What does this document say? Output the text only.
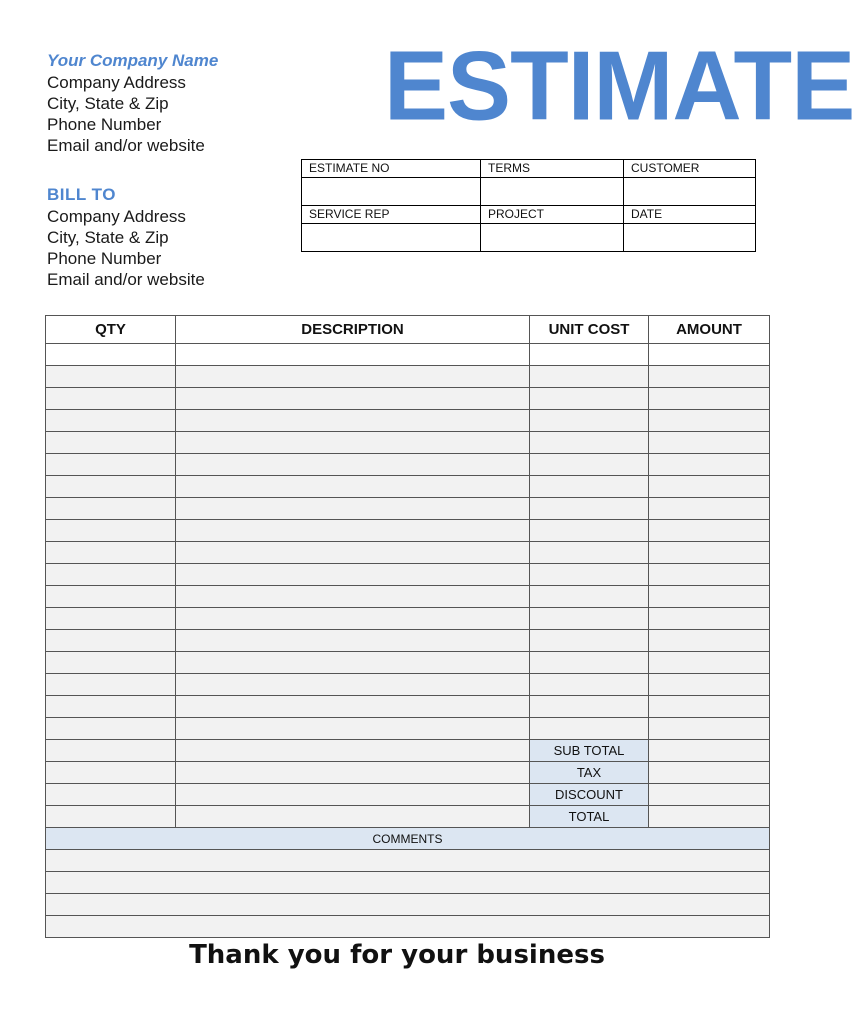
Your Company Name
Company Address
City, State & Zip
Phone Number
Email and/or website
ESTIMATE
BILL TO
Company Address
City, State & Zip
Phone Number
Email and/or website
ESTIMATE NO	TERMS	CUSTOMER

SERVICE REP	PROJECT	DATE

QTY	DESCRIPTION	UNIT COST	AMOUNT

		SUB TOTAL	
		TAX	
		DISCOUNT	
		TOTAL	
COMMENTS			

Thank you for your business
